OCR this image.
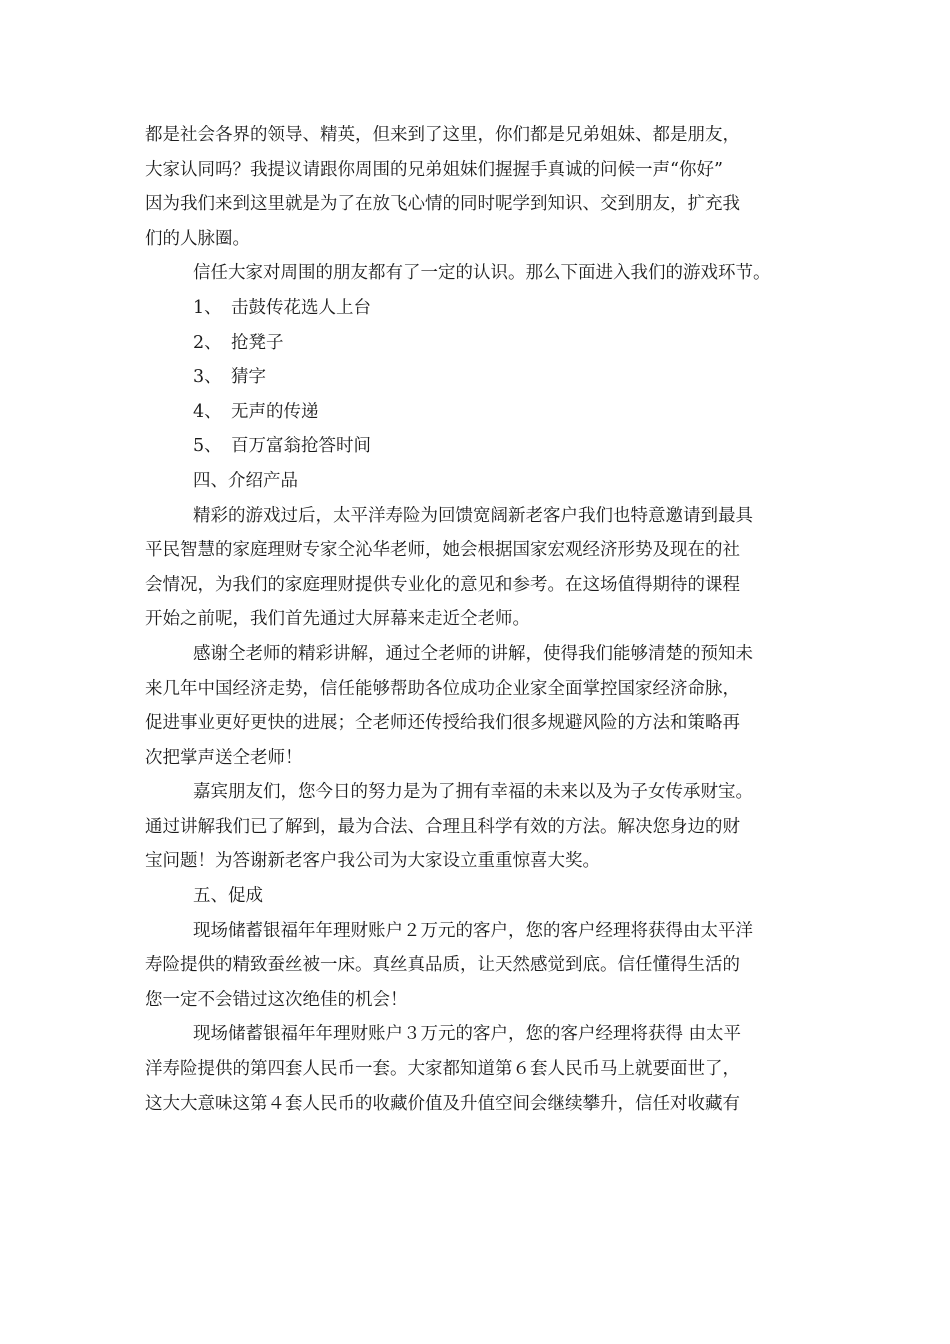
都是社会各界的领导、精英，但来到了这里，你们都是兄弟姐妹、都是朋友，
大家认同吗？我提议请跟你周围的兄弟姐妹们握握手真诚的问候一声“你好”
因为我们来到这里就是为了在放飞心情的同时呢学到知识、交到朋友，扩充我
们的人脉圈。
信任大家对周围的朋友都有了一定的认识。那么下面进入我们的游戏环节。
1、 击鼓传花选人上台
2、 抢凳子
3、 猜字
4、 无声的传递
5、 百万富翁抢答时间
四、介绍产品
精彩的游戏过后，太平洋寿险为回馈宽阔新老客户我们也特意邀请到最具
平民智慧的家庭理财专家仝沁华老师，她会根据国家宏观经济形势及现在的社
会情况，为我们的家庭理财提供专业化的意见和参考。在这场值得期待的课程
开始之前呢，我们首先通过大屏幕来走近仝老师。
感谢仝老师的精彩讲解，通过仝老师的讲解，使得我们能够清楚的预知未
来几年中国经济走势，信任能够帮助各位成功企业家全面掌控国家经济命脉，
促进事业更好更快的进展；仝老师还传授给我们很多规避风险的方法和策略再
次把掌声送仝老师！
嘉宾朋友们，您今日的努力是为了拥有幸福的未来以及为子女传承财宝。
通过讲解我们已了解到，最为合法、合理且科学有效的方法。解决您身边的财
宝问题！为答谢新老客户我公司为大家设立重重惊喜大奖。
五、促成
现场储蓄银福年年理财账户２万元的客户，您的客户经理将获得由太平洋
寿险提供的精致蚕丝被一床。真丝真品质，让天然感觉到底。信任懂得生活的
您一定不会错过这次绝佳的机会！
现场储蓄银福年年理财账户３万元的客户，您的客户经理将获得 由太平
洋寿险提供的第四套人民币一套。大家都知道第６套人民币马上就要面世了，
这大大意味这第４套人民币的收藏价值及升值空间会继续攀升，信任对收藏有
